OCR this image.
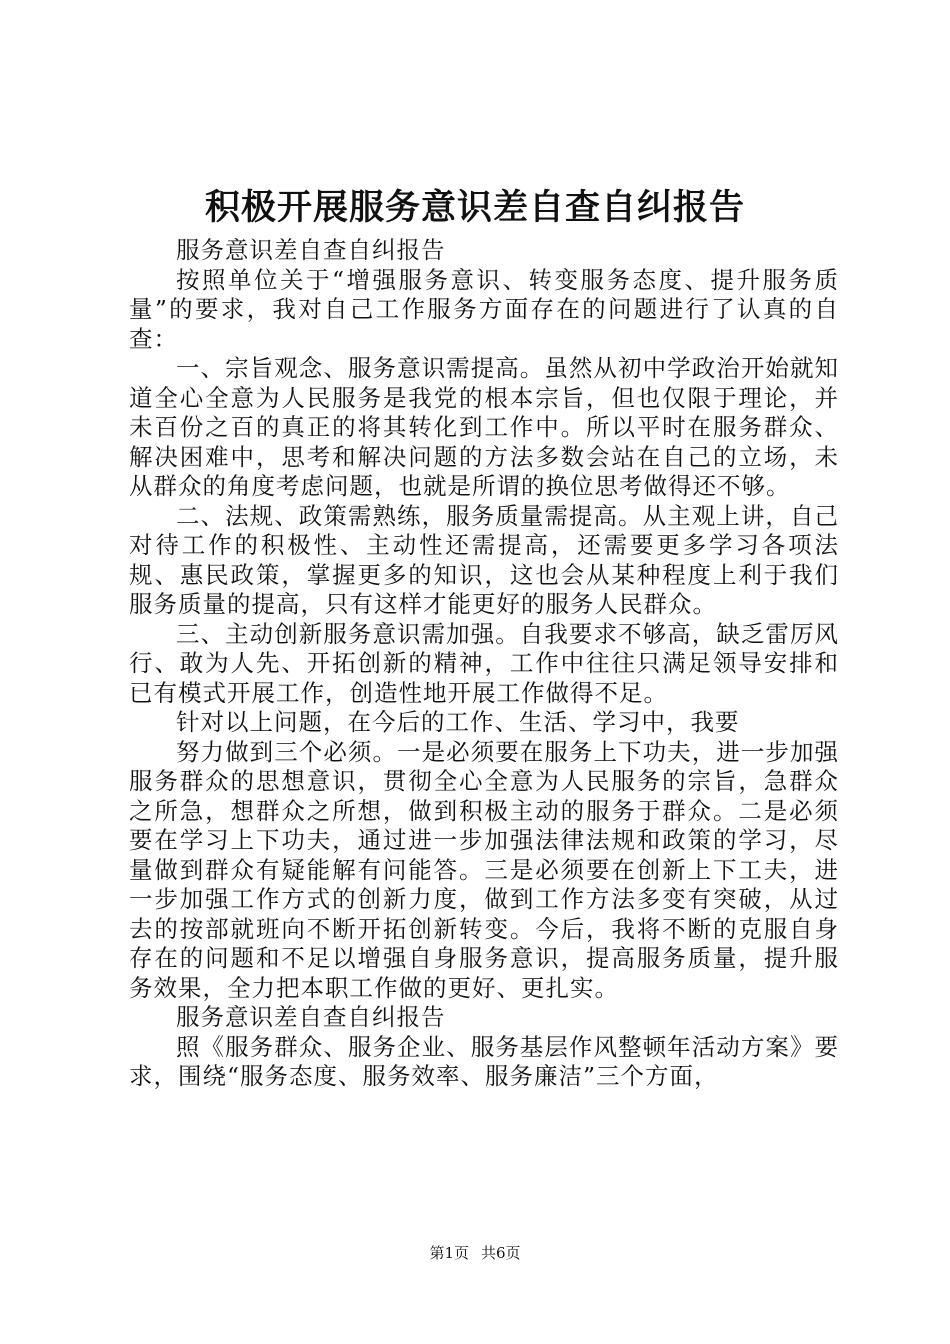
积极开展服务意识差自查自纠报告

服务意识差自查自纠报告

按照单位关于“增强服务意识、转变服务态度、提升服务质量”的要求，我对自己工作服务方面存在的问题进行了认真的自查：

一、宗旨观念、服务意识需提高。虽然从初中学政治开始就知道全心全意为人民服务是我党的根本宗旨，但也仅限于理论，并未百份之百的真正的将其转化到工作中。所以平时在服务群众、解决困难中，思考和解决问题的方法多数会站在自己的立场，未从群众的角度考虑问题，也就是所谓的换位思考做得还不够。

二、法规、政策需熟练，服务质量需提高。从主观上讲，自己对待工作的积极性、主动性还需提高，还需要更多学习各项法规、惠民政策，掌握更多的知识，这也会从某种程度上利于我们服务质量的提高，只有这样才能更好的服务人民群众。

三、主动创新服务意识需加强。自我要求不够高，缺乏雷厉风行、敢为人先、开拓创新的精神，工作中往往只满足领导安排和已有模式开展工作，创造性地开展工作做得不足。

针对以上问题，在今后的工作、生活、学习中，我要

努力做到三个必须。一是必须要在服务上下功夫，进一步加强服务群众的思想意识，贯彻全心全意为人民服务的宗旨，急群众之所急，想群众之所想，做到积极主动的服务于群众。二是必须要在学习上下功夫，通过进一步加强法律法规和政策的学习，尽量做到群众有疑能解有问能答。三是必须要在创新上下工夫，进一步加强工作方式的创新力度，做到工作方法多变有突破，从过去的按部就班向不断开拓创新转变。今后，我将不断的克服自身存在的问题和不足以增强自身服务意识，提高服务质量，提升服务效果，全力把本职工作做的更好、更扎实。

服务意识差自查自纠报告

照《服务群众、服务企业、服务基层作风整顿年活动方案》要求，围绕“服务态度、服务效率、服务廉洁”三个方面，

第1页 共6页
